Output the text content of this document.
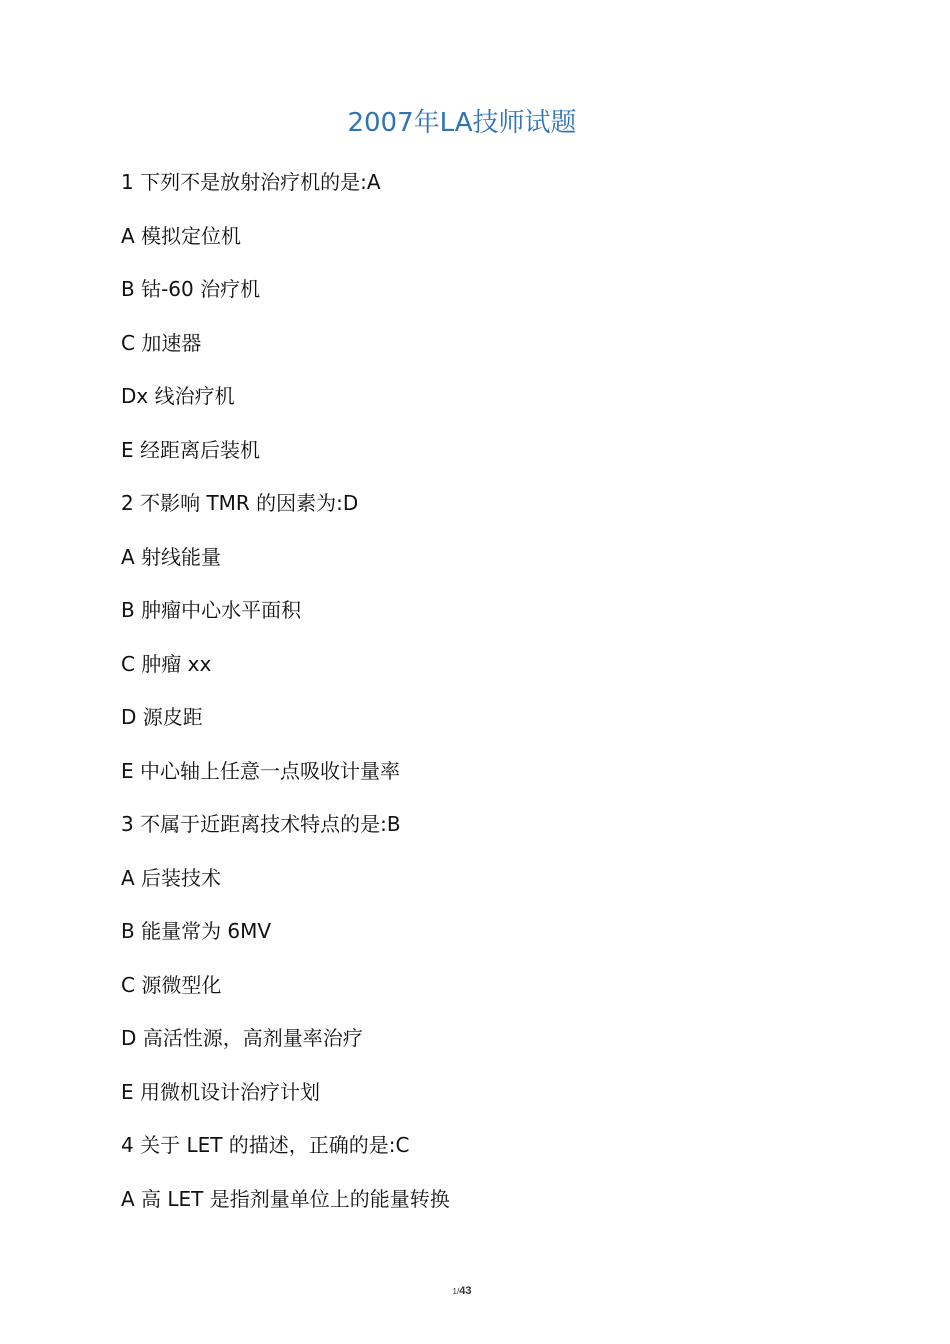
2007年LA技师试题
1 下列不是放射治疗机的是:A
A 模拟定位机
B 钴-60 治疗机
C 加速器
Dx 线治疗机
E 经距离后装机
2 不影响 TMR 的因素为:D
A 射线能量
B 肿瘤中心水平面积
C 肿瘤 xx
D 源皮距
E 中心轴上任意一点吸收计量率
3 不属于近距离技术特点的是:B
A 后装技术
B 能量常为 6MV
C 源微型化
D 高活性源，高剂量率治疗
E 用微机设计治疗计划
4 关于 LET 的描述，正确的是:C
A 高 LET 是指剂量单位上的能量转换
1/43
